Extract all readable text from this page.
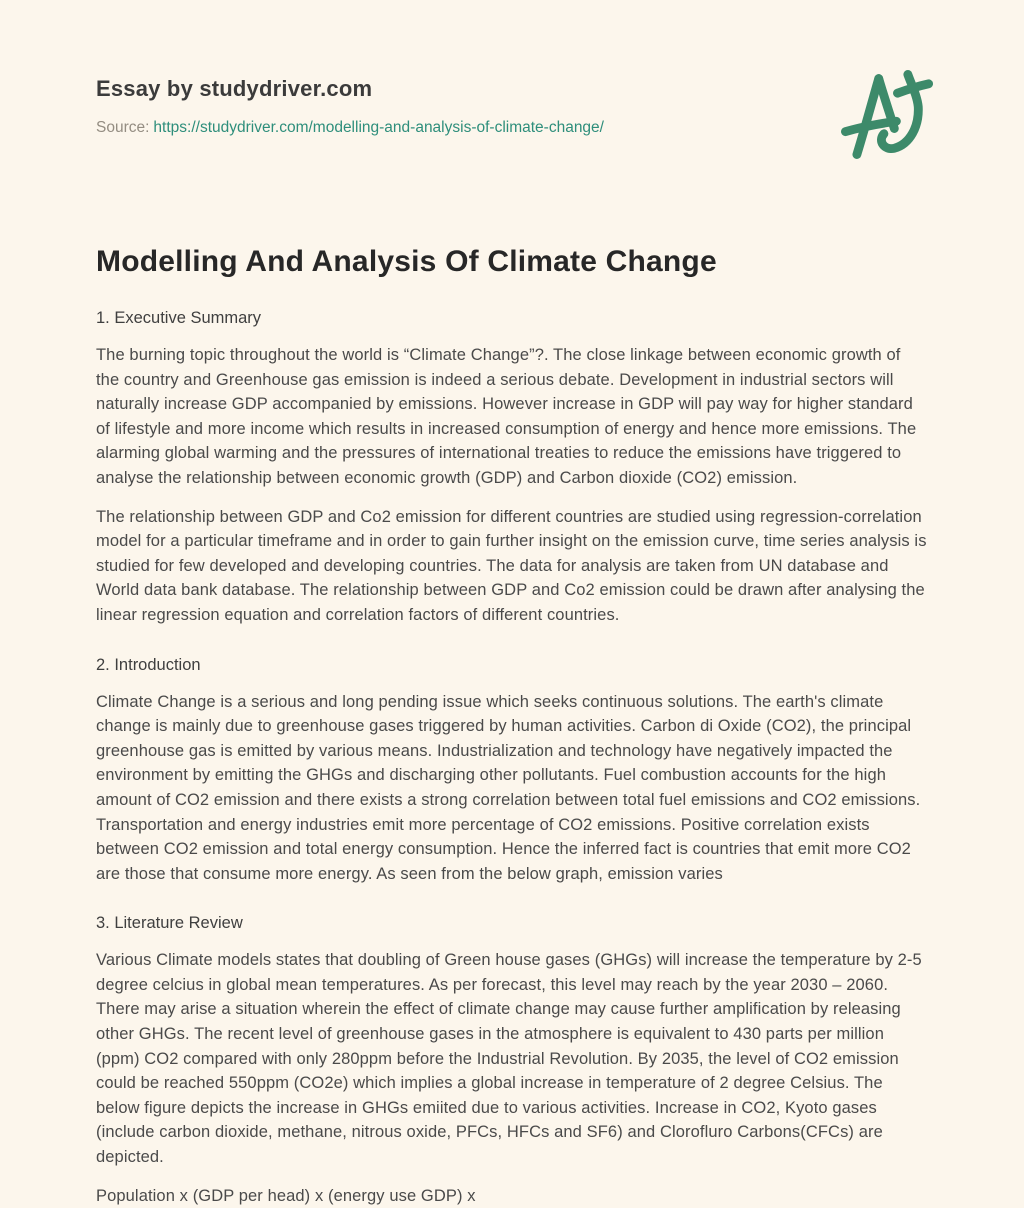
Essay by studydriver.com
Source: https://studydriver.com/modelling-and-analysis-of-climate-change/
Modelling And Analysis Of Climate Change
1. Executive Summary

The burning topic throughout the world is “Climate Change”?. The close linkage between economic growth of the country and Greenhouse gas emission is indeed a serious debate. Development in industrial sectors will naturally increase GDP accompanied by emissions. However increase in GDP will pay way for higher standard of lifestyle and more income which results in increased consumption of energy and hence more emissions. The alarming global warming and the pressures of international treaties to reduce the emissions have triggered to analyse the relationship between economic growth (GDP) and Carbon dioxide (CO2) emission.

The relationship between GDP and Co2 emission for different countries are studied using regression-correlation model for a particular timeframe and in order to gain further insight on the emission curve, time series analysis is studied for few developed and developing countries. The data for analysis are taken from UN database and World data bank database. The relationship between GDP and Co2 emission could be drawn after analysing the linear regression equation and correlation factors of different countries.

2. Introduction

Climate Change is a serious and long pending issue which seeks continuous solutions. The earth's climate change is mainly due to greenhouse gases triggered by human activities. Carbon di Oxide (CO2), the principal greenhouse gas is emitted by various means. Industrialization and technology have negatively impacted the environment by emitting the GHGs and discharging other pollutants. Fuel combustion accounts for the high amount of CO2 emission and there exists a strong correlation between total fuel emissions and CO2 emissions. Transportation and energy industries emit more percentage of CO2 emissions. Positive correlation exists between CO2 emission and total energy consumption. Hence the inferred fact is countries that emit more CO2 are those that consume more energy. As seen from the below graph, emission varies

3. Literature Review

Various Climate models states that doubling of Green house gases (GHGs) will increase the temperature by 2-5 degree celcius in global mean temperatures. As per forecast, this level may reach by the year 2030 – 2060. There may arise a situation wherein the effect of climate change may cause further amplification by releasing other GHGs. The recent level of greenhouse gases in the atmosphere is equivalent to 430 parts per million (ppm) CO2 compared with only 280ppm before the Industrial Revolution. By 2035, the level of CO2 emission could be reached 550ppm (CO2e) which implies a global increase in temperature of 2 degree Celsius. The below figure depicts the increase in GHGs emiited due to various activities. Increase in CO2, Kyoto gases (include carbon dioxide, methane, nitrous oxide, PFCs, HFCs and SF6) and Clorofluro Carbons(CFCs) are depicted.

Population x (GDP per head) x (energy use GDP) x
